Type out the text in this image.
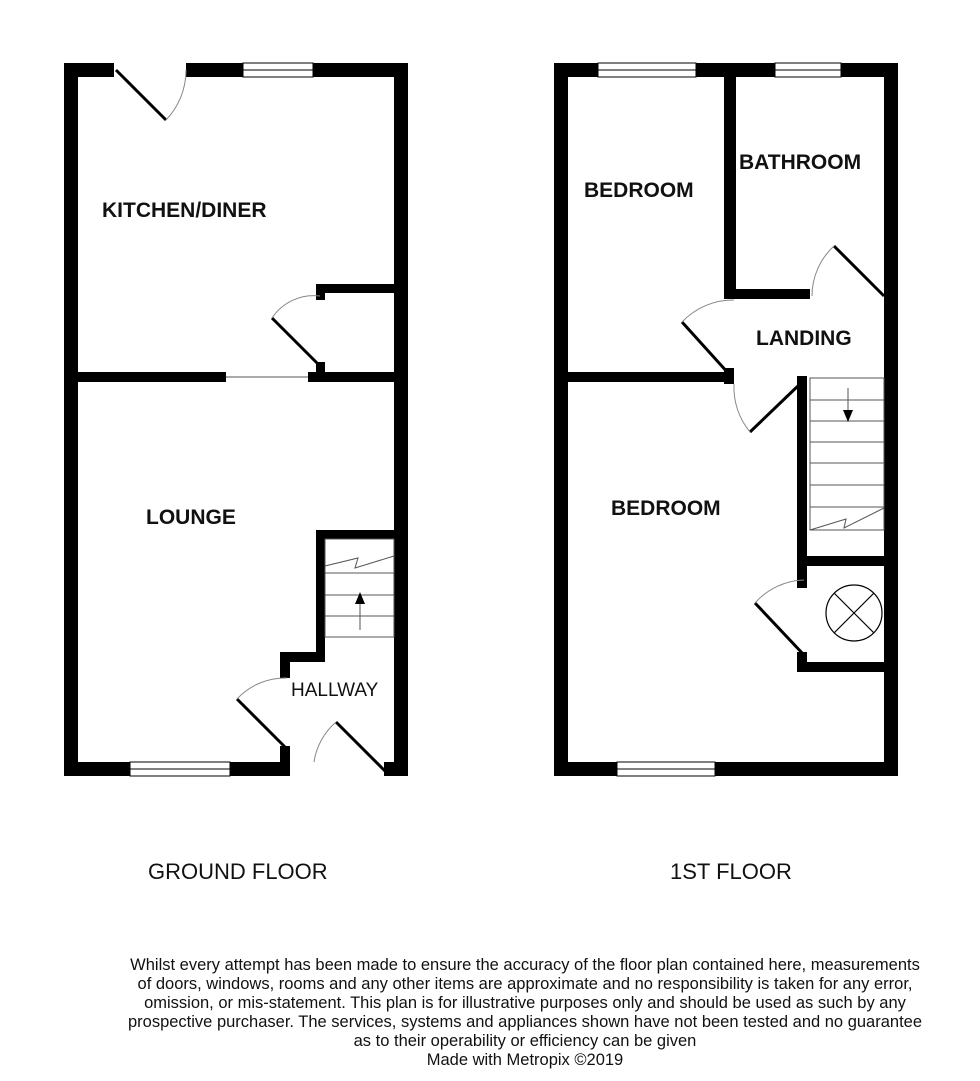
KITCHEN/DINER
LOUNGE
HALLWAY
GROUND FLOOR
BEDROOM
BATHROOM
LANDING
BEDROOM
1ST FLOOR
Whilst every attempt has been made to ensure the accuracy of the floor plan contained here, measurements
of doors, windows, rooms and any other items are approximate and no responsibility is taken for any error,
omission, or mis-statement. This plan is for illustrative purposes only and should be used as such by any
prospective purchaser. The services, systems and appliances shown have not been tested and no guarantee
as to their operability or efficiency can be given
Made with Metropix ©2019
